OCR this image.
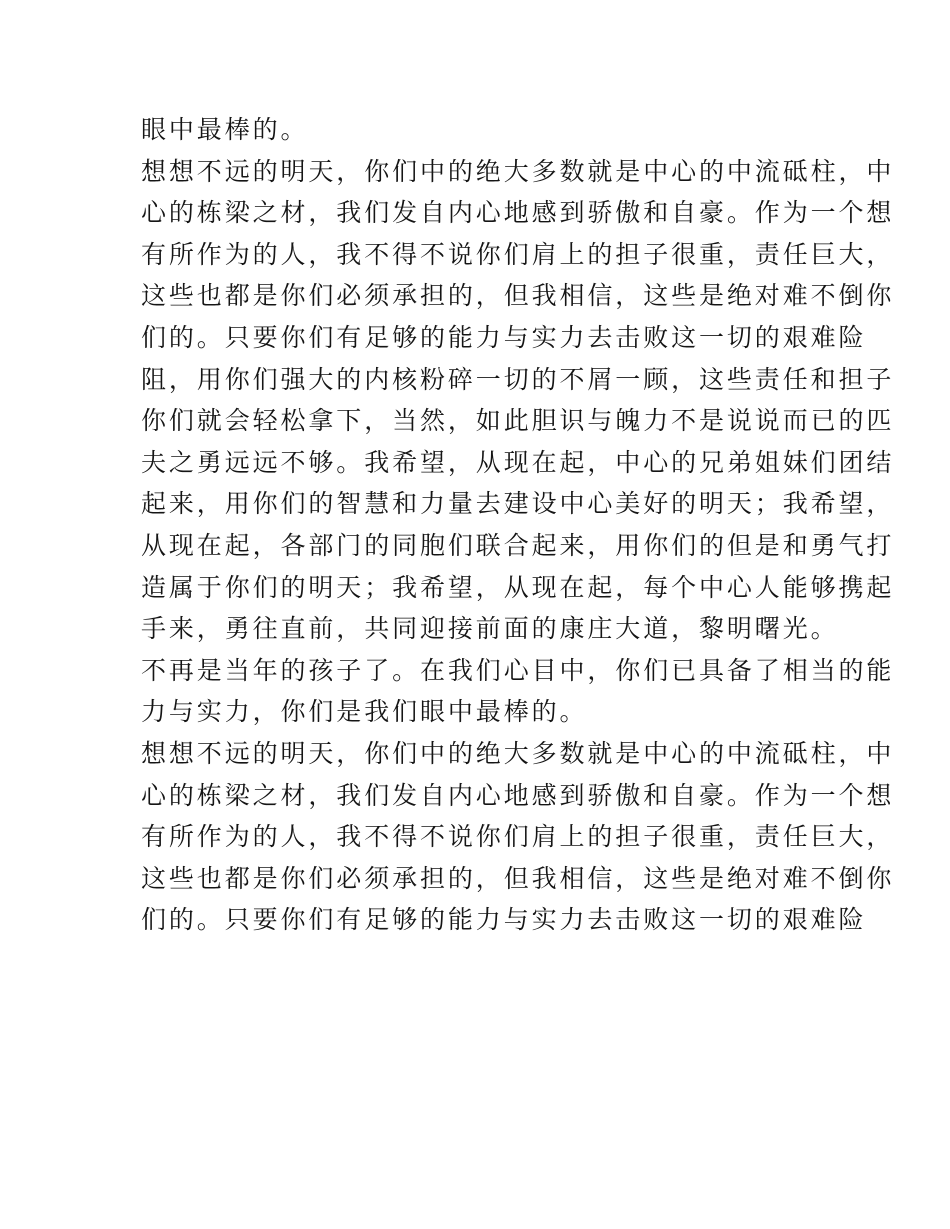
眼中最棒的。
想想不远的明天，你们中的绝大多数就是中心的中流砥柱，中
心的栋梁之材，我们发自内心地感到骄傲和自豪。作为一个想
有所作为的人，我不得不说你们肩上的担子很重，责任巨大，
这些也都是你们必须承担的，但我相信，这些是绝对难不倒你
们的。只要你们有足够的能力与实力去击败这一切的艰难险
阻，用你们强大的内核粉碎一切的不屑一顾，这些责任和担子
你们就会轻松拿下，当然，如此胆识与魄力不是说说而已的匹
夫之勇远远不够。我希望，从现在起，中心的兄弟姐妹们团结
起来，用你们的智慧和力量去建设中心美好的明天；我希望，
从现在起，各部门的同胞们联合起来，用你们的但是和勇气打
造属于你们的明天；我希望，从现在起，每个中心人能够携起
手来，勇往直前，共同迎接前面的康庄大道，黎明曙光。
不再是当年的孩子了。在我们心目中，你们已具备了相当的能
力与实力，你们是我们眼中最棒的。
想想不远的明天，你们中的绝大多数就是中心的中流砥柱，中
心的栋梁之材，我们发自内心地感到骄傲和自豪。作为一个想
有所作为的人，我不得不说你们肩上的担子很重，责任巨大，
这些也都是你们必须承担的，但我相信，这些是绝对难不倒你
们的。只要你们有足够的能力与实力去击败这一切的艰难险
